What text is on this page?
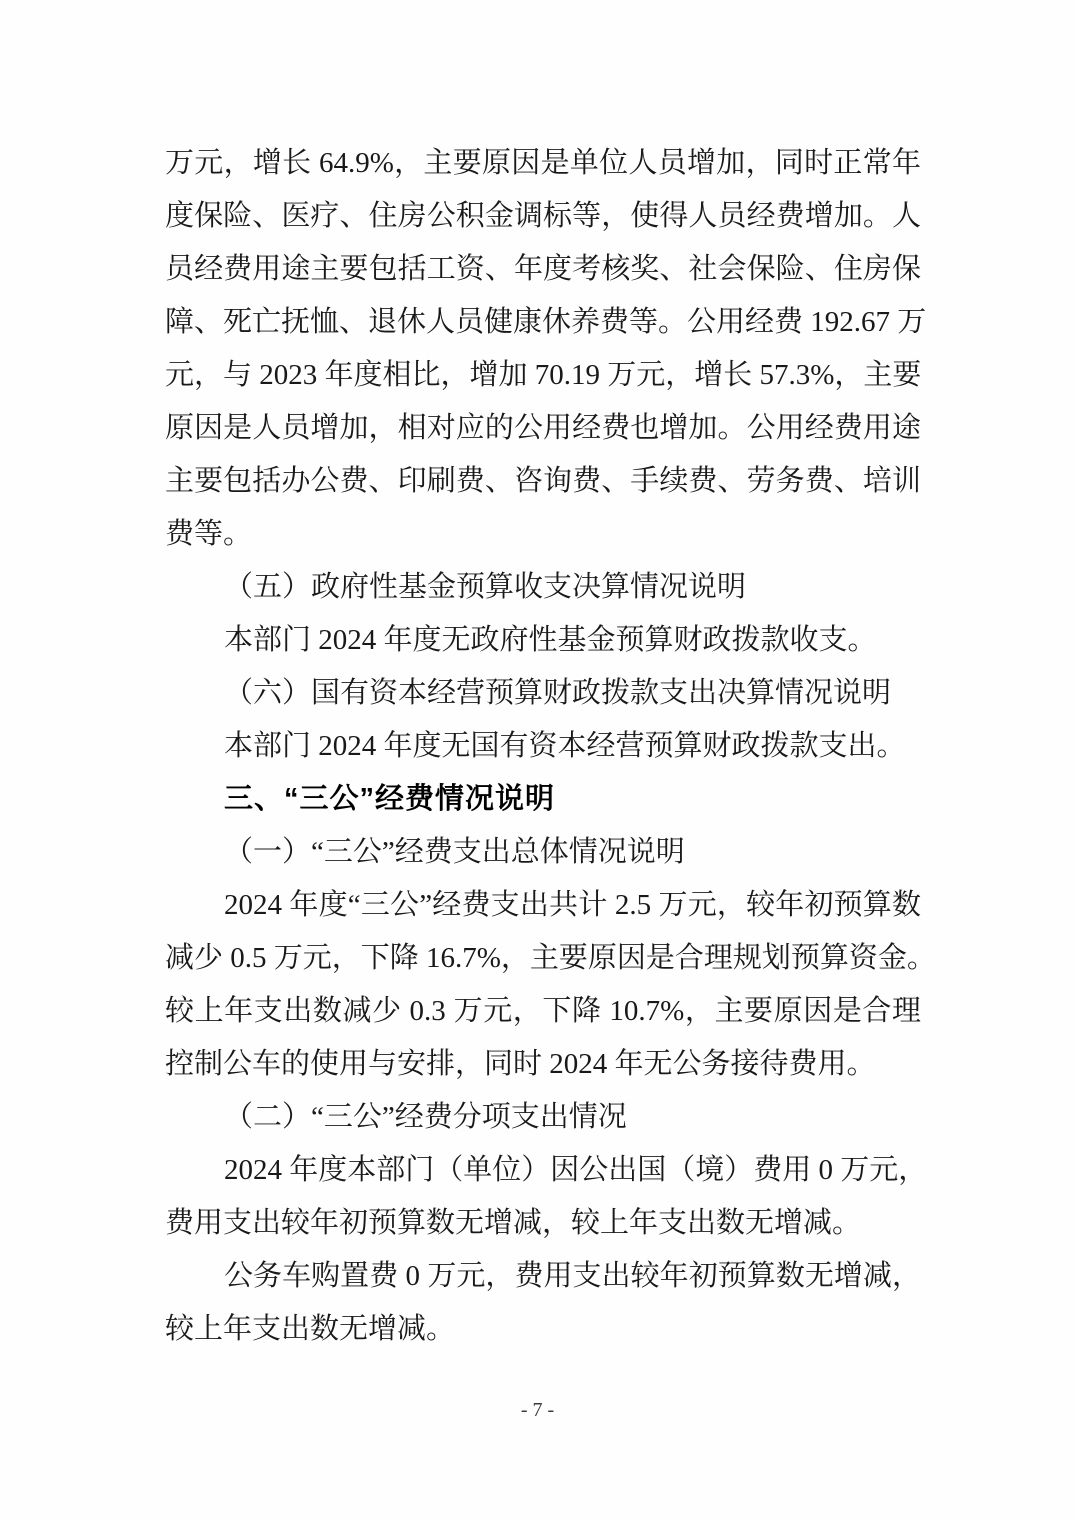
万元，增长 64.9%，主要原因是单位人员增加，同时正常年
度保险、医疗、住房公积金调标等，使得人员经费增加。人
员经费用途主要包括工资、年度考核奖、社会保险、住房保
障、死亡抚恤、退休人员健康休养费等。公用经费 192.67 万
元，与 2023 年度相比，增加 70.19 万元，增长 57.3%，主要
原因是人员增加，相对应的公用经费也增加。公用经费用途
主要包括办公费、印刷费、咨询费、手续费、劳务费、培训
费等。
（五）政府性基金预算收支决算情况说明
本部门 2024 年度无政府性基金预算财政拨款收支。
（六）国有资本经营预算财政拨款支出决算情况说明
本部门 2024 年度无国有资本经营预算财政拨款支出。
三、“三公”经费情况说明
（一）“三公”经费支出总体情况说明
2024 年度“三公”经费支出共计 2.5 万元，较年初预算数
减少 0.5 万元，下降 16.7%，主要原因是合理规划预算资金。
较上年支出数减少 0.3 万元，下降 10.7%，主要原因是合理
控制公车的使用与安排，同时 2024 年无公务接待费用。
（二）“三公”经费分项支出情况
2024 年度本部门（单位）因公出国（境）费用 0 万元，
费用支出较年初预算数无增减，较上年支出数无增减。
公务车购置费 0 万元，费用支出较年初预算数无增减，
较上年支出数无增减。
- 7 -
